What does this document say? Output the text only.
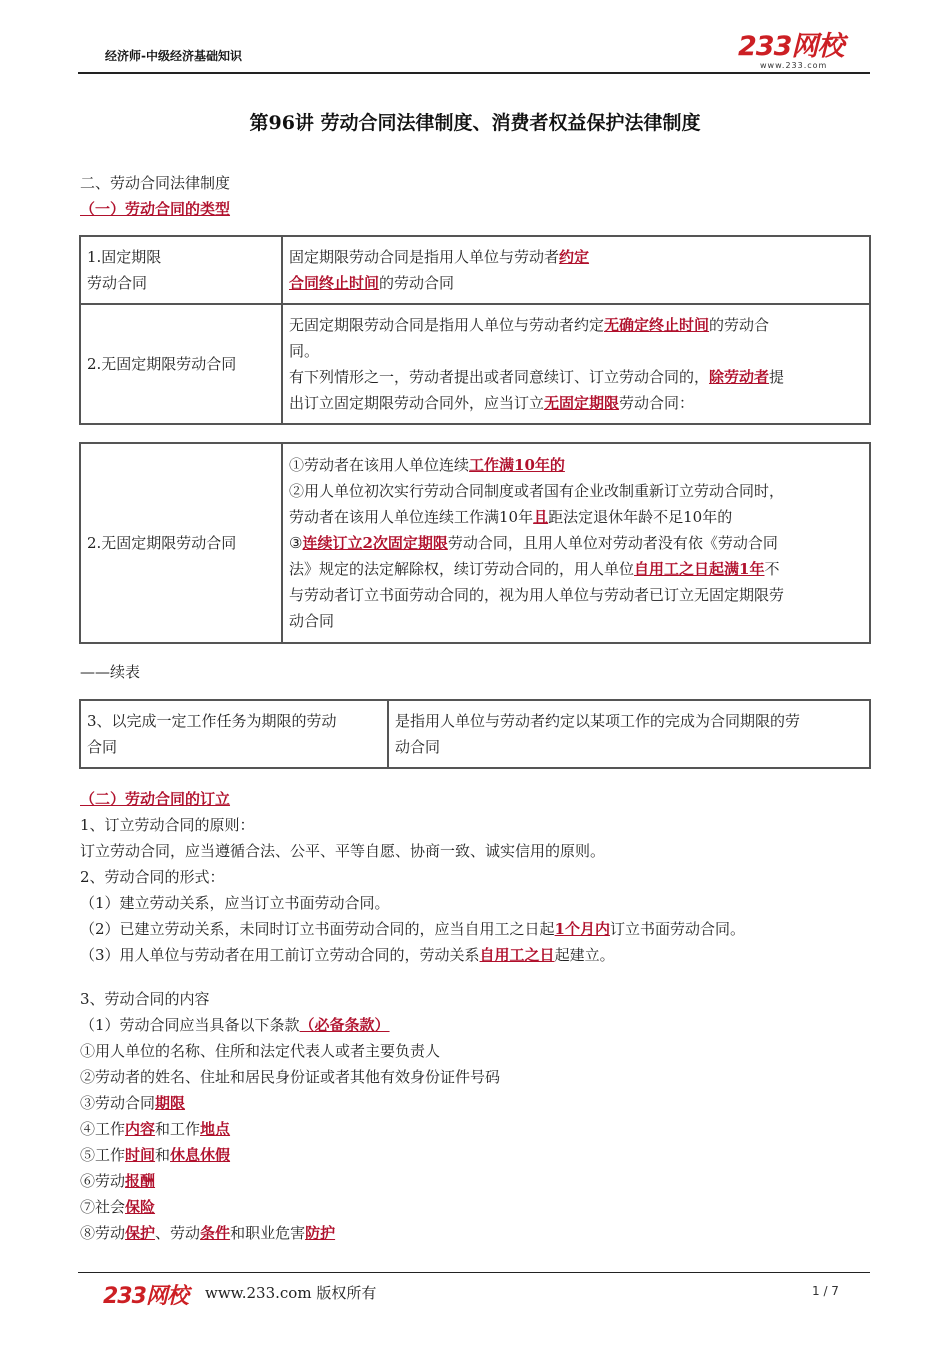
经济师-中级经济基础知识	233网校
www.233.com
第96讲 劳动合同法律制度、消费者权益保护法律制度
二、劳动合同法律制度
（一）劳动合同的类型
1.固定期限
劳动合同	固定期限劳动合同是指用人单位与劳动者约定
合同终止时间的劳动合同
2.无固定期限劳动合同	无固定期限劳动合同是指用人单位与劳动者约定无确定终止时间的劳动合
同。
有下列情形之一，劳动者提出或者同意续订、订立劳动合同的，除劳动者提
出订立固定期限劳动合同外，应当订立无固定期限劳动合同：
2.无固定期限劳动合同	①劳动者在该用人单位连续工作满10年的
②用人单位初次实行劳动合同制度或者国有企业改制重新订立劳动合同时，
劳动者在该用人单位连续工作满10年且距法定退休年龄不足10年的
③连续订立2次固定期限劳动合同，且用人单位对劳动者没有依《劳动合同
法》规定的法定解除权，续订劳动合同的，用人单位自用工之日起满1年不
与劳动者订立书面劳动合同的，视为用人单位与劳动者已订立无固定期限劳
动合同
——续表
3、以完成一定工作任务为期限的劳动
合同	是指用人单位与劳动者约定以某项工作的完成为合同期限的劳
动合同
（二）劳动合同的订立
1、订立劳动合同的原则：
订立劳动合同，应当遵循合法、公平、平等自愿、协商一致、诚实信用的原则。
2、劳动合同的形式：
（1）建立劳动关系，应当订立书面劳动合同。
（2）已建立劳动关系，未同时订立书面劳动合同的，应当自用工之日起1个月内订立书面劳动合同。
（3）用人单位与劳动者在用工前订立劳动合同的，劳动关系自用工之日起建立。
3、劳动合同的内容
（1）劳动合同应当具备以下条款（必备条款）
①用人单位的名称、住所和法定代表人或者主要负责人
②劳动者的姓名、住址和居民身份证或者其他有效身份证件号码
③劳动合同期限
④工作内容和工作地点
⑤工作时间和休息休假
⑥劳动报酬
⑦社会保险
⑧劳动保护、劳动条件和职业危害防护
233网校 www.233.com 版权所有	1 / 7
